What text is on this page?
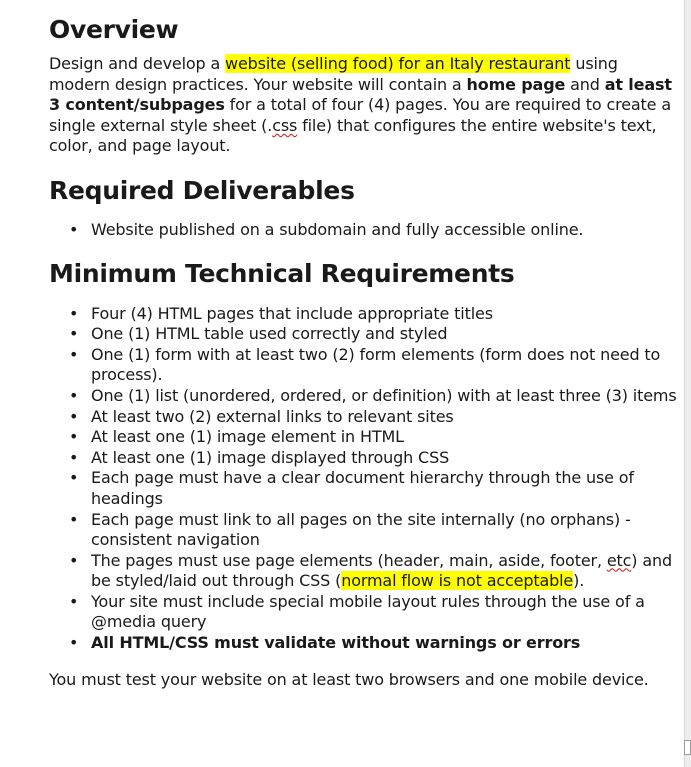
Overview

Design and develop a website (selling food) for an Italy restaurant using modern design practices. Your website will contain a home page and at least 3 content/subpages for a total of four (4) pages. You are required to create a single external style sheet (.css file) that configures the entire website's text, color, and page layout.

Required Deliverables
• Website published on a subdomain and fully accessible online.
Minimum Technical Requirements
• Four (4) HTML pages that include appropriate titles
• One (1) HTML table used correctly and styled
• One (1) form with at least two (2) form elements (form does not need to process).
• One (1) list (unordered, ordered, or definition) with at least three (3) items
• At least two (2) external links to relevant sites
• At least one (1) image element in HTML
• At least one (1) image displayed through CSS
• Each page must have a clear document hierarchy through the use of headings
• Each page must link to all pages on the site internally (no orphans) - consistent navigation
• The pages must use page elements (header, main, aside, footer, etc) and be styled/laid out through CSS (normal flow is not acceptable).
• Your site must include special mobile layout rules through the use of a @media query
• All HTML/CSS must validate without warnings or errors

You must test your website on at least two browsers and one mobile device.
